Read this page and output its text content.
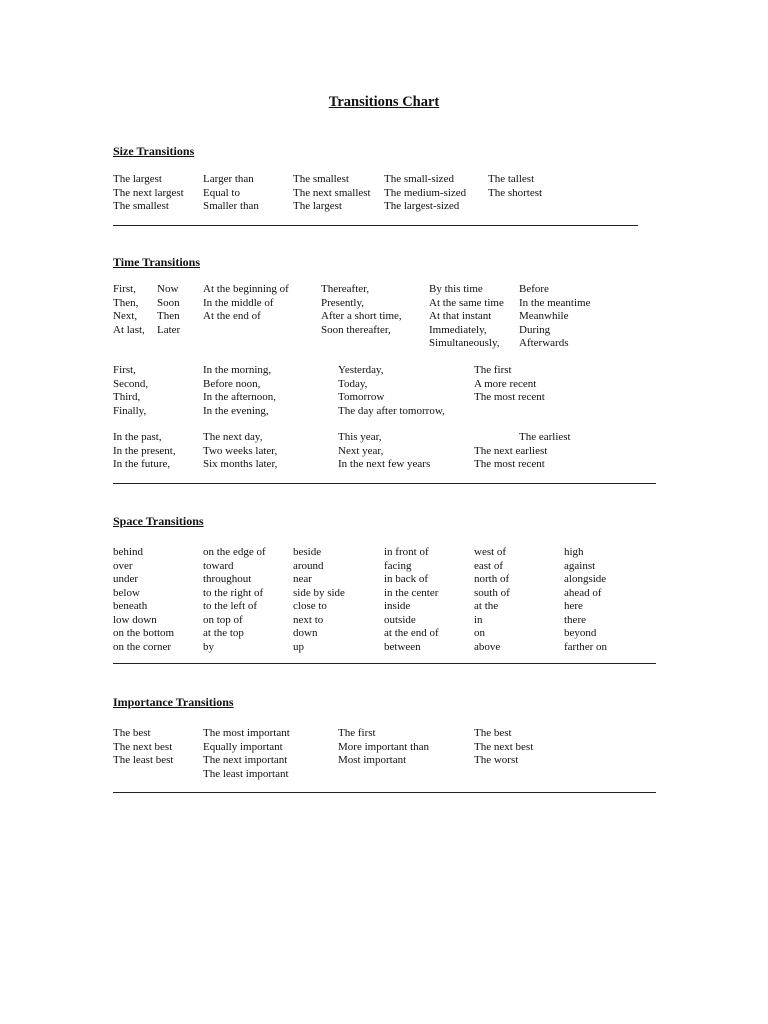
Transitions Chart
Size Transitions
The largest
The next largest
The smallest
Larger than
Equal to
Smaller than
The smallest
The next smallest
The largest
The small-sized
The medium-sized
The largest-sized
The tallest
The shortest
Time Transitions
First,
Then,
Next,
At last,
Now
Soon
Then
Later
At the beginning of
In the middle of
At the end of
Thereafter,
Presently,
After a short time,
Soon thereafter,
By this time
At the same time
At that instant
Immediately,
Simultaneously,
Before
In the meantime
Meanwhile
During
Afterwards
First,
Second,
Third,
Finally,
In the morning,
Before noon,
In the afternoon,
In the evening,
Yesterday,
Today,
Tomorrow
The day after tomorrow,
The first
A more recent
The most recent
In the past,
In the present,
In the future,
The next day,
Two weeks later,
Six months later,
This year,
Next year,
In the next few years
The next earliest
The most recent
The earliest
Space Transitions
behind
over
under
below
beneath
low down
on the bottom
on the corner
on the edge of
toward
throughout
to the right of
to the left of
on top of
at the top
by
beside
around
near
side by side
close to
next to
down
up
in front of
facing
in back of
in the center
inside
outside
at the end of
between
west of
east of
north of
south of
at the
in
on
above
high
against
alongside
ahead of
here
there
beyond
farther on
Importance Transitions
The best
The next best
The least best
The most important
Equally important
The next important
The least important
The first
More important than
Most important
The best
The next best
The worst
